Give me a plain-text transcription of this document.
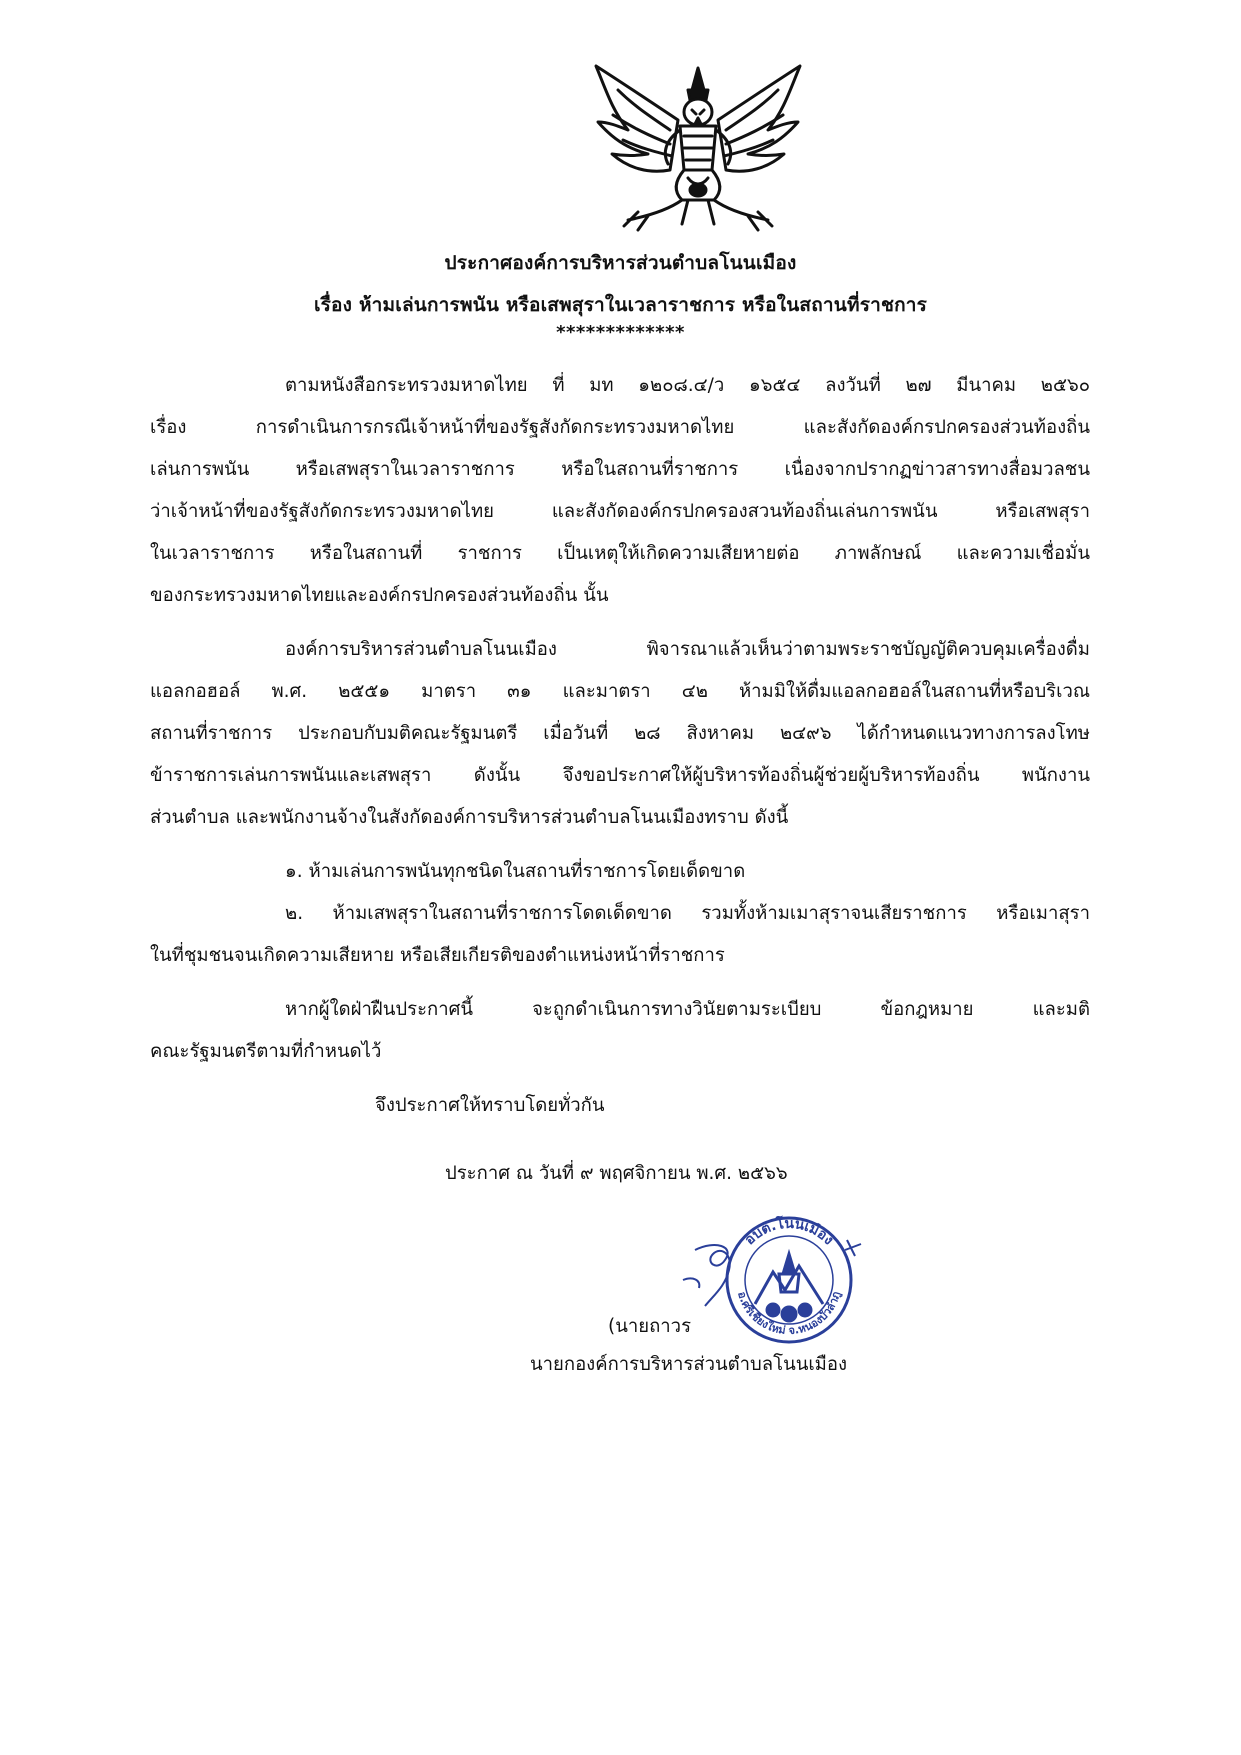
ประกาศองค์การบริหารส่วนตำบลโนนเมือง
เรื่อง ห้ามเล่นการพนัน หรือเสพสุราในเวลาราชการ หรือในสถานที่ราชการ
*************
ตามหนังสือกระทรวงมหาดไทย ที่ มท ๑๒๐๘.๔/ว ๑๖๕๔ ลงวันที่ ๒๗ มีนาคม ๒๕๖๐
เรื่อง การดำเนินการกรณีเจ้าหน้าที่ของรัฐสังกัดกระทรวงมหาดไทย และสังกัดองค์กรปกครองส่วนท้องถิ่น
เล่นการพนัน หรือเสพสุราในเวลาราชการ หรือในสถานที่ราชการ เนื่องจากปรากฏข่าวสารทางสื่อมวลชน
ว่าเจ้าหน้าที่ของรัฐสังกัดกระทรวงมหาดไทย และสังกัดองค์กรปกครองสวนท้องถิ่นเล่นการพนัน หรือเสพสุรา
ในเวลาราชการ หรือในสถานที่ ราชการ เป็นเหตุให้เกิดความเสียหายต่อ ภาพลักษณ์ และความเชื่อมั่น
ของกระทรวงมหาดไทยและองค์กรปกครองส่วนท้องถิ่น นั้น
องค์การบริหารส่วนตำบลโนนเมือง พิจารณาแล้วเห็นว่าตามพระราชบัญญัติควบคุมเครื่องดื่ม
แอลกอฮอล์ พ.ศ. ๒๕๕๑ มาตรา ๓๑ และมาตรา ๔๒ ห้ามมิให้ดื่มแอลกอฮอล์ในสถานที่หรือบริเวณ
สถานที่ราชการ ประกอบกับมติคณะรัฐมนตรี เมื่อวันที่ ๒๘ สิงหาคม ๒๔๙๖ ได้กำหนดแนวทางการลงโทษ
ข้าราชการเล่นการพนันและเสพสุรา ดังนั้น จึงขอประกาศให้ผู้บริหารท้องถิ่นผู้ช่วยผู้บริหารท้องถิ่น พนักงาน
ส่วนตำบล และพนักงานจ้างในสังกัดองค์การบริหารส่วนตำบลโนนเมืองทราบ ดังนี้
๑. ห้ามเล่นการพนันทุกชนิดในสถานที่ราชการโดยเด็ดขาด
๒. ห้ามเสพสุราในสถานที่ราชการโดดเด็ดขาด รวมทั้งห้ามเมาสุราจนเสียราชการ หรือเมาสุรา
ในที่ชุมชนจนเกิดความเสียหาย หรือเสียเกียรติของตำแหน่งหน้าที่ราชการ
หากผู้ใดฝ่าฝืนประกาศนี้ จะถูกดำเนินการทางวินัยตามระเบียบ ข้อกฎหมาย และมติ
คณะรัฐมนตรีตามที่กำหนดไว้
จึงประกาศให้ทราบโดยทั่วกัน
ประกาศ ณ วันที่ ๙ พฤศจิกายน พ.ศ. ๒๕๖๖
อบต.โนนเมือง
อ.ศรีเชียงใหม่ จ.หนองบัวลำภู
(นายถาวร
นายกองค์การบริหารส่วนตำบลโนนเมือง
